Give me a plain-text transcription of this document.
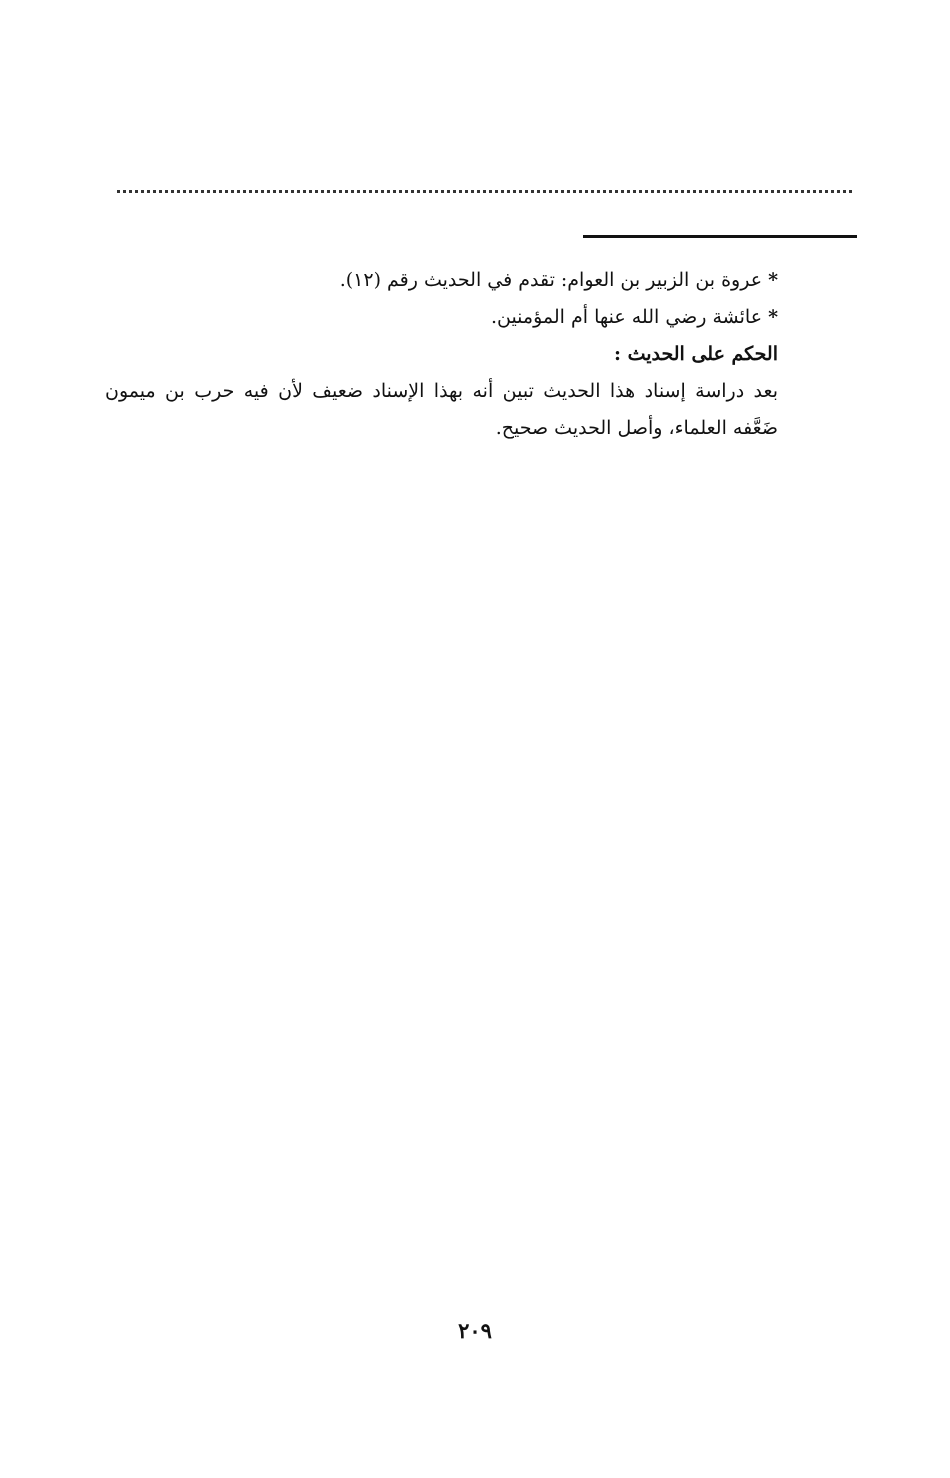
*عروة بن الزبير بن العوام: تقدم في الحديث رقم (١٢).
*عائشة رضي الله عنها أم المؤمنين.
الحكم على الحديث :
بعد دراسة إسناد هذا الحديث تبين أنه بهذا الإسناد ضعيف لأن فيه حرب بن ميمون ضَعَّفه العلماء، وأصل الحديث صحيح.
٢٠٩
